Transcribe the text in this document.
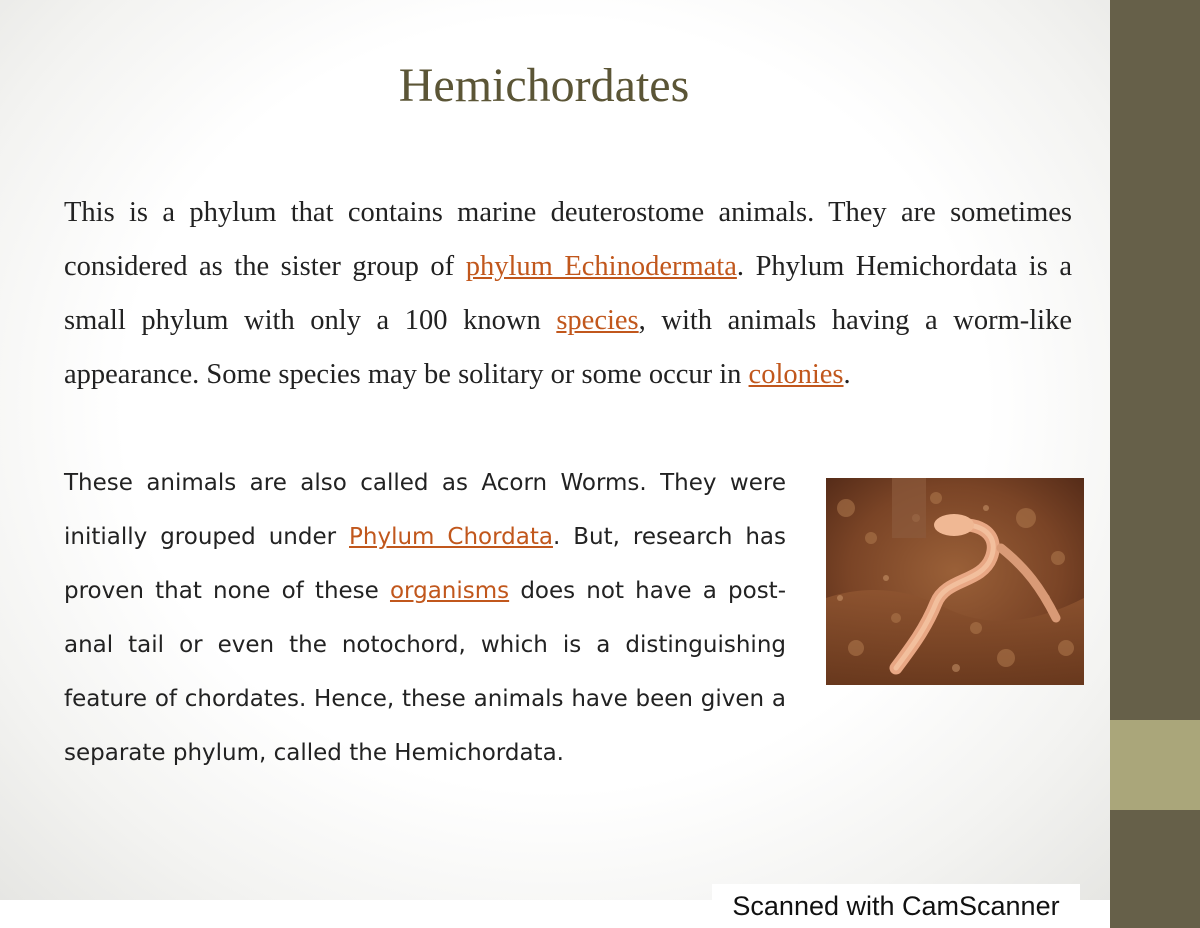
Hemichordates

This is a phylum that contains marine deuterostome animals. They are sometimes considered as the sister group of phylum Echinodermata. Phylum Hemichordata is a small phylum with only a 100 known species, with animals having a worm-like appearance. Some species may be solitary or some occur in colonies.

These animals are also called as Acorn Worms. They were initially grouped under Phylum Chordata. But, research has proven that none of these organisms does not have a post-anal tail or even the notochord, which is a distinguishing feature of chordates. Hence, these animals have been given a separate phylum, called the Hemichordata.

Scanned with CamScanner
